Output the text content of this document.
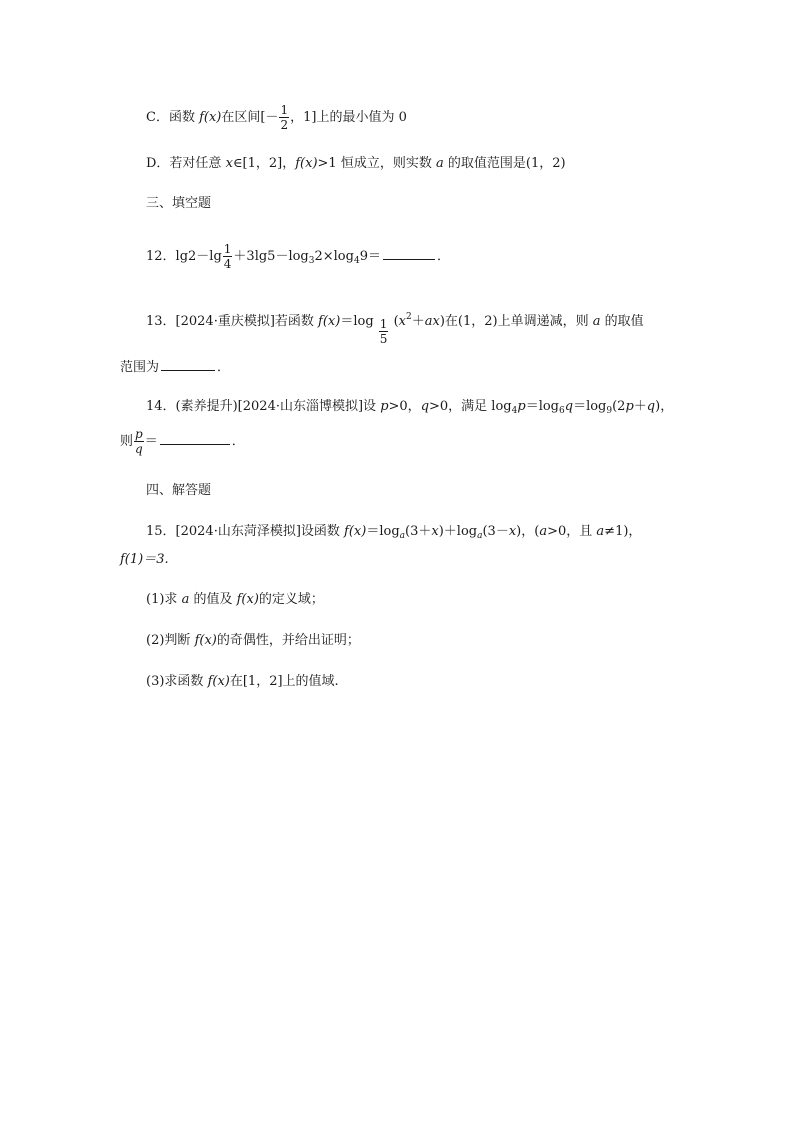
C．函数 f(x)在区间[－ $\frac{1}{2}$ ，1]上的最小值为 0
D．若对任意 x∈[1，2]，f(x)>1 恒成立，则实数 a 的取值范围是(1，2)
三、填空题
12．$\lg 2-\lg \frac{1}{4} +3\lg 5-\log_32\times\log_49=$	．
13．[2024·重庆模拟]若函数 $f(x)=\log \frac{1}{5} (x^2+ax)$在(1，2)上单调递减，则 a 的取值
范围为	．
14．(素养提升)[2024·山东淄博模拟]设 p>0，q>0，满足 $\log_4p=\log_6q=\log_9(2p+q)$，
则 $\frac{p}{q}$ ＝	．
四、解答题
15．[2024·山东菏泽模拟]设函数 $f(x)=\log_a(3+x)+\log_a(3-x)$，(a>0，且 a≠1)，
f(1)＝3.
(1)求 a 的值及 f(x)的定义域；
(2)判断 f(x)的奇偶性，并给出证明；
(3)求函数 f(x)在[1，2]上的值域.
